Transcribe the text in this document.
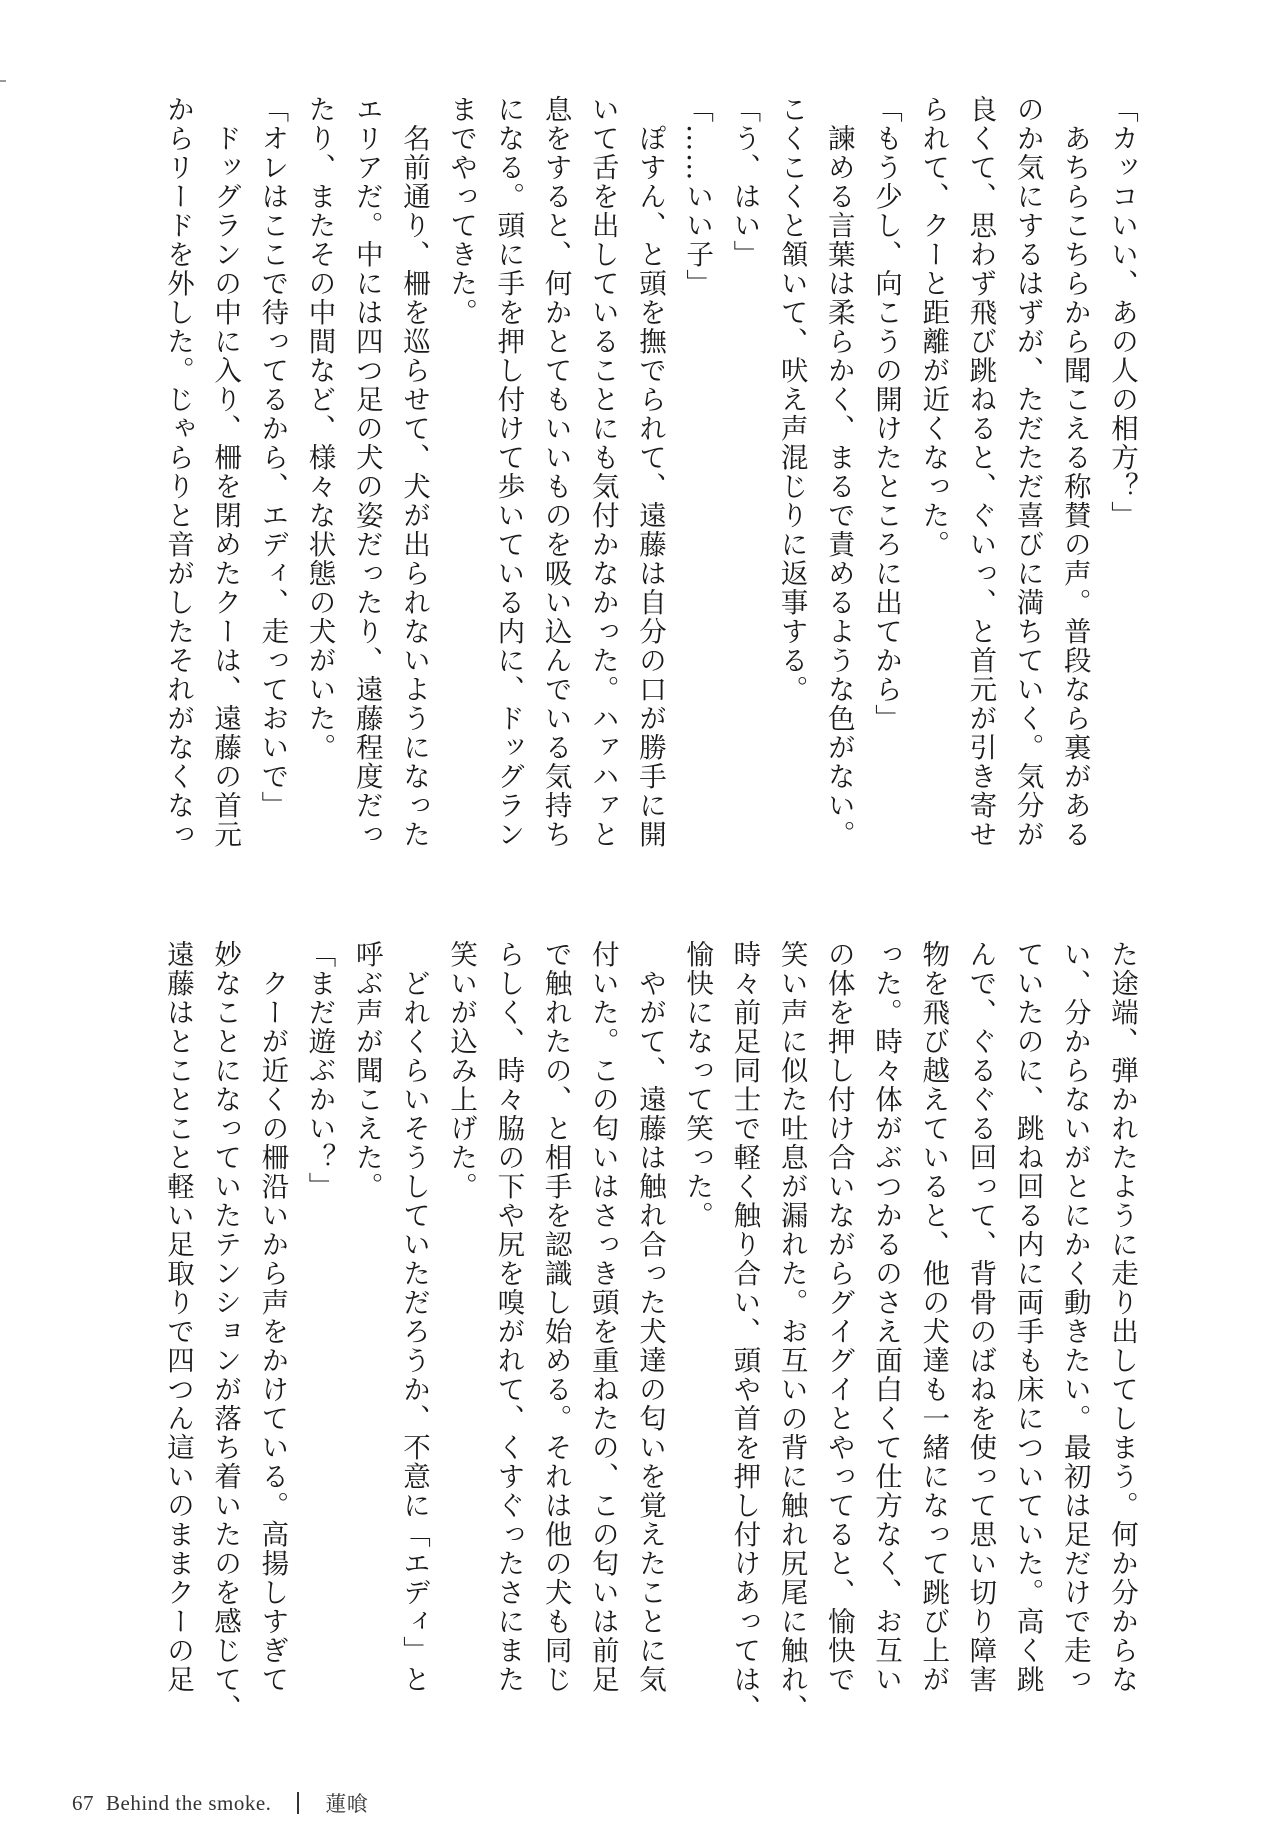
「カッコいい、あの人の相方？」
　あちらこちらから聞こえる称賛の声。普段なら裏がある
のか気にするはずが、ただただ喜びに満ちていく。気分が
良くて、思わず飛び跳ねると、ぐいっ、と首元が引き寄せ
られて、クーと距離が近くなった。
「もう少し、向こうの開けたところに出てから」
　諫める言葉は柔らかく、まるで責めるような色がない。
こくこくと頷いて、吠え声混じりに返事する。
「う、はい」
「……いい子」
　ぽすん、と頭を撫でられて、遠藤は自分の口が勝手に開
いて舌を出していることにも気付かなかった。ハァハァと
息をすると、何かとてもいいものを吸い込んでいる気持ち
になる。頭に手を押し付けて歩いている内に、ドッグラン
までやってきた。
　名前通り、柵を巡らせて、犬が出られないようになった
エリアだ。中には四つ足の犬の姿だったり、遠藤程度だっ
たり、またその中間など、様々な状態の犬がいた。
「オレはここで待ってるから、エディ、走っておいで」
　ドッグランの中に入り、柵を閉めたクーは、遠藤の首元
からリードを外した。じゃらりと音がしたそれがなくなっ
た途端、弾かれたように走り出してしまう。何か分からな
い、分からないがとにかく動きたい。最初は足だけで走っ
ていたのに、跳ね回る内に両手も床についていた。高く跳
んで、ぐるぐる回って、背骨のばねを使って思い切り障害
物を飛び越えていると、他の犬達も一緒になって跳び上が
った。時々体がぶつかるのさえ面白くて仕方なく、お互い
の体を押し付け合いながらグイグイとやってると、愉快で
笑い声に似た吐息が漏れた。お互いの背に触れ尻尾に触れ、
時々前足同士で軽く触り合い、頭や首を押し付けあっては、
愉快になって笑った。
　やがて、遠藤は触れ合った犬達の匂いを覚えたことに気
付いた。この匂いはさっき頭を重ねたの、この匂いは前足
で触れたの、と相手を認識し始める。それは他の犬も同じ
らしく、時々脇の下や尻を嗅がれて、くすぐったさにまた
笑いが込み上げた。
　どれくらいそうしていただろうか、不意に「エディ」と
呼ぶ声が聞こえた。
「まだ遊ぶかい？」
　クーが近くの柵沿いから声をかけている。高揚しすぎて
妙なことになっていたテンションが落ち着いたのを感じて、
遠藤はとことこと軽い足取りで四つん這いのままクーの足
67 Behind the smoke.	蓮喰
